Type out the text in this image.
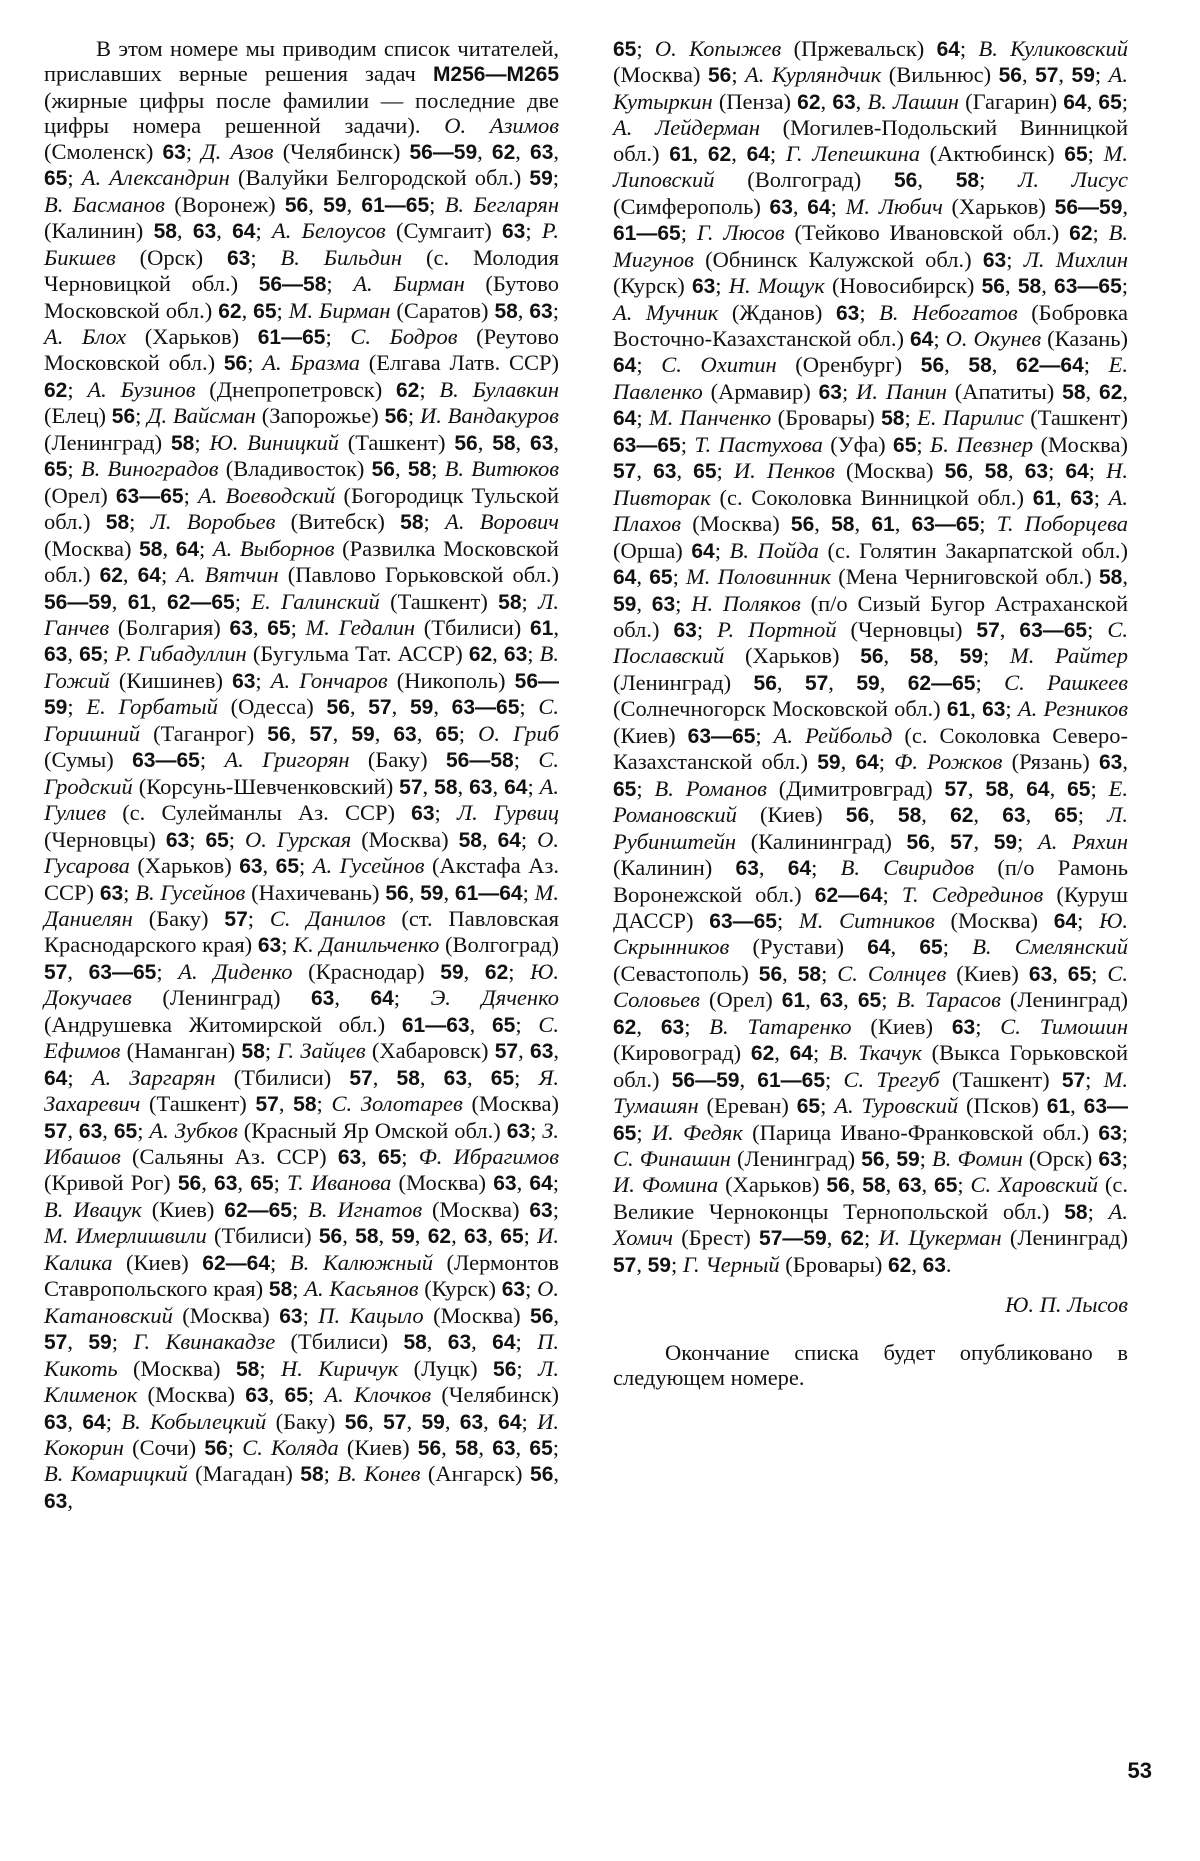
В этом номере мы приводим список читателей, приславших верные решения задач М256—М265 (жирные цифры после фамилии — последние две цифры номера решенной задачи). О. Азимов (Смоленск) 63; Д. Азов (Челябинск) 56—59, 62, 63, 65; А. Александрин (Валуйки Белгородской обл.) 59; В. Басманов (Воронеж) 56, 59, 61—65; В. Бегларян (Калинин) 58, 63, 64; А. Белоусов (Сумгаит) 63; Р. Бикшев (Орск) 63; В. Бильдин (с. Молодия Черновицкой обл.) 56—58; А. Бирман (Бутово Московской обл.) 62, 65; М. Бирман (Саратов) 58, 63; А. Блох (Харьков) 61—65; С. Бодров (Реутово Московской обл.) 56; А. Бразма (Елгава Латв. ССР) 62; А. Бузинов (Днепропетровск) 62; В. Булавкин (Елец) 56; Д. Вайсман (Запорожье) 56; И. Вандакуров (Ленинград) 58; Ю. Виницкий (Ташкент) 56, 58, 63, 65; В. Виноградов (Владивосток) 56, 58; В. Витюков (Орел) 63—65; А. Воеводский (Богородицк Тульской обл.) 58; Л. Воробьев (Витебск) 58; А. Ворович (Москва) 58, 64; А. Выборнов (Развилка Московской обл.) 62, 64; А. Вятчин (Павлово Горьковской обл.) 56—59, 61, 62—65; Е. Галинский (Ташкент) 58; Л. Ганчев (Болгария) 63, 65; М. Гедалин (Тбилиси) 61, 63, 65; Р. Гибадуллин (Бугульма Тат. АССР) 62, 63; В. Гожий (Кишинев) 63; А. Гончаров (Никополь) 56—59; Е. Горбатый (Одесса) 56, 57, 59, 63—65; С. Горишний (Таганрог) 56, 57, 59, 63, 65; О. Гриб (Сумы) 63—65; А. Григорян (Баку) 56—58; С. Гродский (Корсунь-Шевченковский) 57, 58, 63, 64; А. Гулиев (с. Сулейманлы Аз. ССР) 63; Л. Гурвиц (Черновцы) 63; 65; О. Гурская (Москва) 58, 64; О. Гусарова (Харьков) 63, 65; А. Гусейнов (Акстафа Аз. ССР) 63; В. Гусейнов (Нахичевань) 56, 59, 61—64; М. Даниелян (Баку) 57; С. Данилов (ст. Павловская Краснодарского края) 63; К. Данильченко (Волгоград) 57, 63—65; А. Диденко (Краснодар) 59, 62; Ю. Докучаев (Ленинград) 63, 64; Э. Дяченко (Андрушевка Житомирской обл.) 61—63, 65; С. Ефимов (Наманган) 58; Г. Зайцев (Хабаровск) 57, 63, 64; А. Заргарян (Тбилиси) 57, 58, 63, 65; Я. Захаревич (Ташкент) 57, 58; С. Золотарев (Москва) 57, 63, 65; А. Зубков (Красный Яр Омской обл.) 63; З. Ибашов (Сальяны Аз. ССР) 63, 65; Ф. Ибрагимов (Кривой Рог) 56, 63, 65; Т. Иванова (Москва) 63, 64; В. Ивацук (Киев) 62—65; В. Игнатов (Москва) 63; М. Имерлишвили (Тбилиси) 56, 58, 59, 62, 63, 65; И. Калика (Киев) 62—64; В. Калюжный (Лермонтов Ставропольского края) 58; А. Касьянов (Курск) 63; О. Катановский (Москва) 63; П. Кацыло (Москва) 56, 57, 59; Г. Квинакадзе (Тбилиси) 58, 63, 64; П. Кикоть (Москва) 58; Н. Киричук (Луцк) 56; Л. Клименок (Москва) 63, 65; А. Клочков (Челябинск) 63, 64; В. Кобылецкий (Баку) 56, 57, 59, 63, 64; И. Кокорин (Сочи) 56; С. Коляда (Киев) 56, 58, 63, 65; В. Комарицкий (Магадан) 58; В. Конев (Ангарск) 56, 63,

65; О. Копыжев (Пржевальск) 64; В. Куликовский (Москва) 56; А. Курляндчик (Вильнюс) 56, 57, 59; А. Кутыркин (Пенза) 62, 63, В. Лашин (Гагарин) 64, 65; А. Лейдерман (Могилев-Подольский Винницкой обл.) 61, 62, 64; Г. Лепешкина (Актюбинск) 65; М. Липовский (Волгоград) 56, 58; Л. Лисус (Симферополь) 63, 64; М. Любич (Харьков) 56—59, 61—65; Г. Люсов (Тейково Ивановской обл.) 62; В. Мигунов (Обнинск Калужской обл.) 63; Л. Михлин (Курск) 63; Н. Мощук (Новосибирск) 56, 58, 63—65; А. Мучник (Жданов) 63; В. Небогатов (Бобровка Восточно-Казахстанской обл.) 64; О. Окунев (Казань) 64; С. Охитин (Оренбург) 56, 58, 62—64; Е. Павленко (Армавир) 63; И. Панин (Апатиты) 58, 62, 64; М. Панченко (Бровары) 58; Е. Парилис (Ташкент) 63—65; Т. Пастухова (Уфа) 65; Б. Певзнер (Москва) 57, 63, 65; И. Пенков (Москва) 56, 58, 63; 64; Н. Пивторак (с. Соколовка Винницкой обл.) 61, 63; А. Плахов (Москва) 56, 58, 61, 63—65; Т. Поборцева (Орша) 64; В. Пойда (с. Голятин Закарпатской обл.) 64, 65; М. Половинник (Мена Черниговской обл.) 58, 59, 63; Н. Поляков (п/о Сизый Бугор Астраханской обл.) 63; Р. Портной (Черновцы) 57, 63—65; С. Пославский (Харьков) 56, 58, 59; М. Райтер (Ленинград) 56, 57, 59, 62—65; С. Рашкеев (Солнечногорск Московской обл.) 61, 63; А. Резников (Киев) 63—65; А. Рейбольд (с. Соколовка Северо-Казахстанской обл.) 59, 64; Ф. Рожков (Рязань) 63, 65; В. Романов (Димитровград) 57, 58, 64, 65; Е. Романовский (Киев) 56, 58, 62, 63, 65; Л. Рубинштейн (Калининград) 56, 57, 59; А. Ряхин (Калинин) 63, 64; В. Свиридов (п/о Рамонь Воронежской обл.) 62—64; Т. Седрединов (Куруш ДАССР) 63—65; М. Ситников (Москва) 64; Ю. Скрынников (Рустави) 64, 65; В. Смелянский (Севастополь) 56, 58; С. Солнцев (Киев) 63, 65; С. Соловьев (Орел) 61, 63, 65; В. Тарасов (Ленинград) 62, 63; В. Татаренко (Киев) 63; С. Тимошин (Кировоград) 62, 64; В. Ткачук (Выкса Горьковской обл.) 56—59, 61—65; С. Трегуб (Ташкент) 57; М. Тумашян (Ереван) 65; А. Туровский (Псков) 61, 63—65; И. Федяк (Парица Ивано-Франковской обл.) 63; С. Финашин (Ленинград) 56, 59; В. Фомин (Орск) 63; И. Фомина (Харьков) 56, 58, 63, 65; С. Харовский (с. Великие Черноконцы Тернопольской обл.) 58; А. Хомич (Брест) 57—59, 62; И. Цукерман (Ленинград) 57, 59; Г. Черный (Бровары) 62, 63.

Ю. П. Лысов

Окончание списка будет опубликовано в следующем номере.

53
